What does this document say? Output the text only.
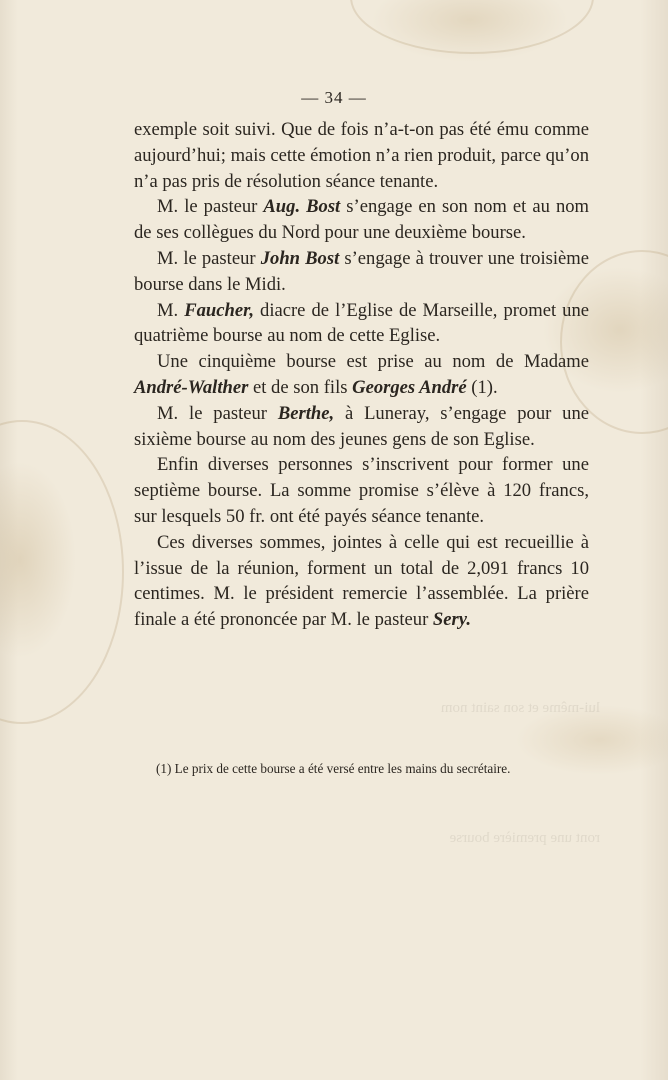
lui-même et son saint nom
ront une première bourse
— 34 —

exemple soit suivi. Que de fois n’a-t-on pas été ému comme aujourd’hui; mais cette émotion n’a rien produit, parce qu’on n’a pas pris de résolution séance tenante.

M. le pasteur Aug. Bost s’engage en son nom et au nom de ses collègues du Nord pour une deuxième bourse.

M. le pasteur John Bost s’engage à trouver une troisième bourse dans le Midi.

M. Faucher, diacre de l’Eglise de Marseille, promet une quatrième bourse au nom de cette Eglise.

Une cinquième bourse est prise au nom de Madame André-Walther et de son fils Georges André (1).

M. le pasteur Berthe, à Luneray, s’engage pour une sixième bourse au nom des jeunes gens de son Eglise.

Enfin diverses personnes s’inscrivent pour former une septième bourse. La somme promise s’élève à 120 francs, sur lesquels 50 fr. ont été payés séance tenante.

Ces diverses sommes, jointes à celle qui est recueillie à l’issue de la réunion, forment un total de 2,091 francs 10 centimes. M. le président remercie l’assemblée. La prière finale a été prononcée par M. le pasteur Sery.

(1) Le prix de cette bourse a été versé entre les mains du secrétaire.
